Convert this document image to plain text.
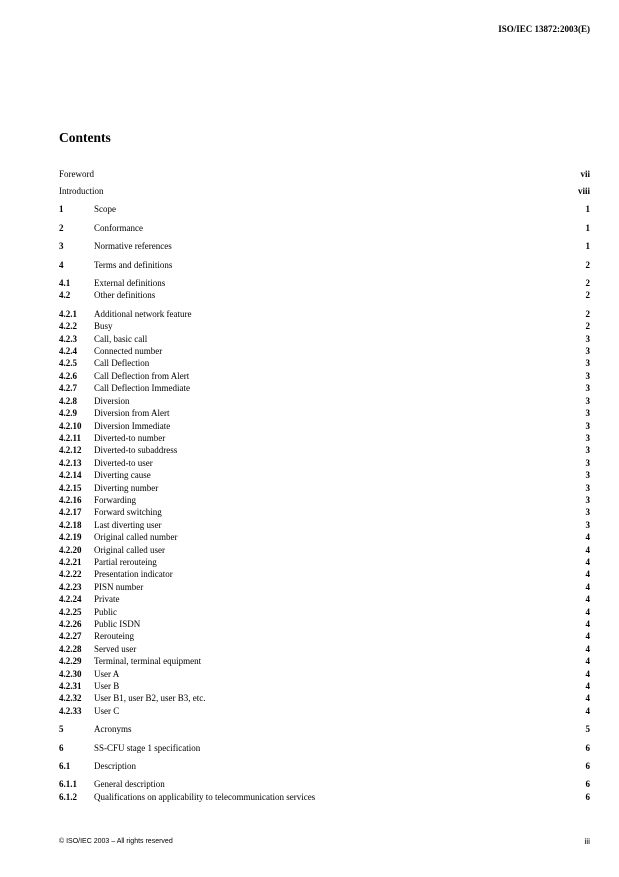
ISO/IEC 13872:2003(E)
Contents
Foreword	vii
Introduction	viii
1	Scope	1
2	Conformance	1
3	Normative references	1
4	Terms and definitions	2
4.1	External definitions	2
4.2	Other definitions	2
4.2.1	Additional network feature	2
4.2.2	Busy	2
4.2.3	Call, basic call	3
4.2.4	Connected number	3
4.2.5	Call Deflection	3
4.2.6	Call Deflection from Alert	3
4.2.7	Call Deflection Immediate	3
4.2.8	Diversion	3
4.2.9	Diversion from Alert	3
4.2.10	Diversion Immediate	3
4.2.11	Diverted-to number	3
4.2.12	Diverted-to subaddress	3
4.2.13	Diverted-to user	3
4.2.14	Diverting cause	3
4.2.15	Diverting number	3
4.2.16	Forwarding	3
4.2.17	Forward switching	3
4.2.18	Last diverting user	3
4.2.19	Original called number	4
4.2.20	Original called user	4
4.2.21	Partial rerouteing	4
4.2.22	Presentation indicator	4
4.2.23	PISN number	4
4.2.24	Private	4
4.2.25	Public	4
4.2.26	Public ISDN	4
4.2.27	Rerouteing	4
4.2.28	Served user	4
4.2.29	Terminal, terminal equipment	4
4.2.30	User A	4
4.2.31	User B	4
4.2.32	User B1, user B2, user B3, etc.	4
4.2.33	User C	4
5	Acronyms	5
6	SS-CFU stage 1 specification	6
6.1	Description	6
6.1.1	General description	6
6.1.2	Qualifications on applicability to telecommunication services	6
© ISO/IEC 2003 – All rights reserved	iii
